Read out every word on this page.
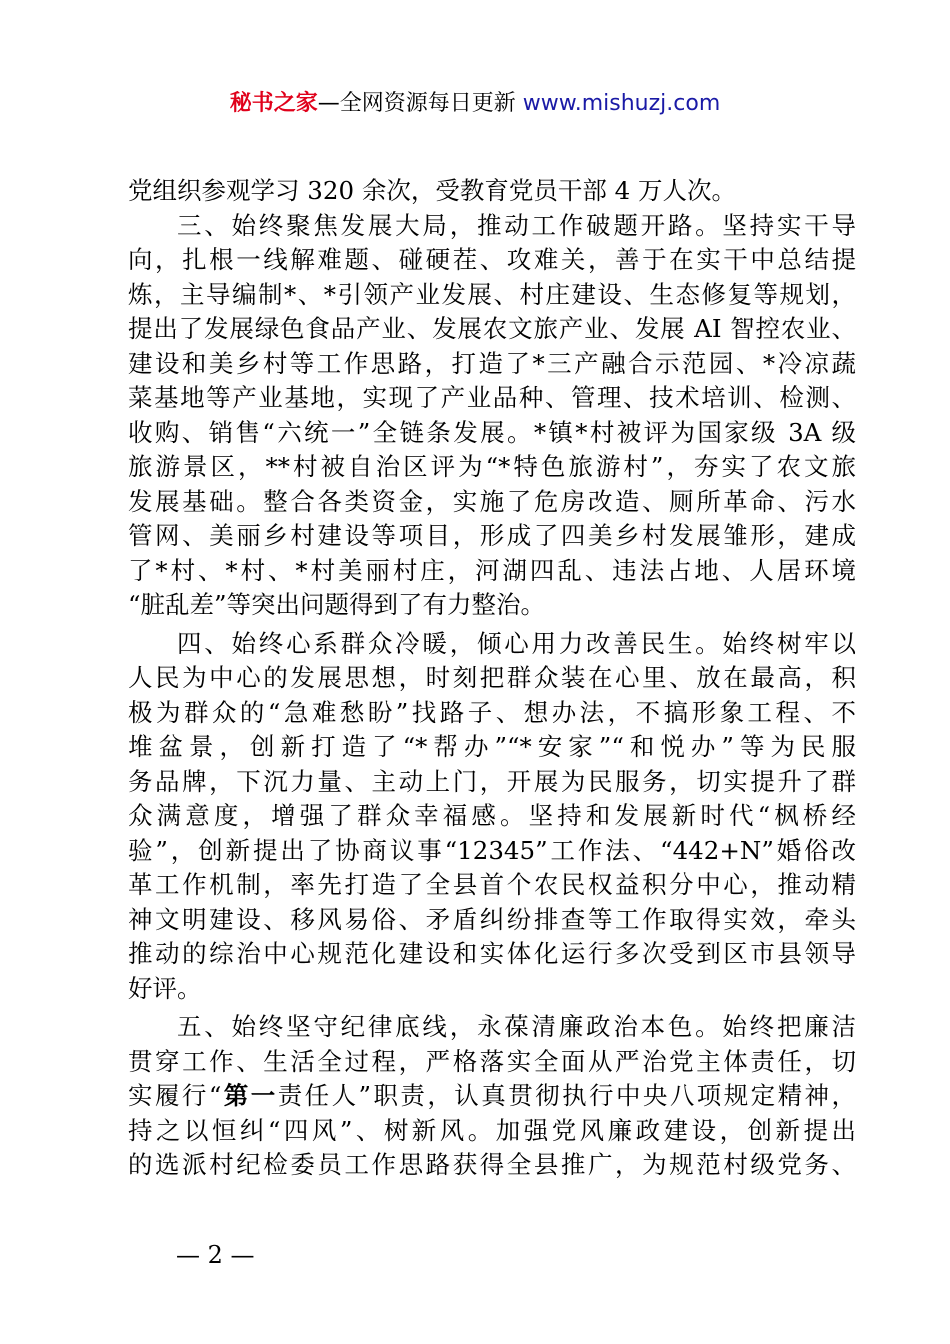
秘书之家—全网资源每日更新 www.mishuzj.com
党组织参观学习 320 余次，受教育党员干部 4 万人次。
三、始终聚焦发展大局，推动工作破题开路。坚持实干导
向，扎根一线解难题、碰硬茬、攻难关，善于在实干中总结提
炼，主导编制*、*引领产业发展、村庄建设、生态修复等规划，
提出了发展绿色食品产业、发展农文旅产业、发展 AI 智控农业、
建设和美乡村等工作思路，打造了*三产融合示范园、*冷凉蔬
菜基地等产业基地，实现了产业品种、管理、技术培训、检测、
收购、销售“六统一”全链条发展。*镇*村被评为国家级 3A 级
旅游景区，**村被自治区评为“*特色旅游村”，夯实了农文旅
发展基础。整合各类资金，实施了危房改造、厕所革命、污水
管网、美丽乡村建设等项目，形成了四美乡村发展雏形，建成
了*村、*村、*村美丽村庄，河湖四乱、违法占地、人居环境
“脏乱差”等突出问题得到了有力整治。
四、始终心系群众冷暖，倾心用力改善民生。始终树牢以
人民为中心的发展思想，时刻把群众装在心里、放在最高，积
极为群众的“急难愁盼”找路子、想办法，不搞形象工程、不
堆盆景，创新打造了“*帮办”“*安家”“和悦办”等为民服
务品牌，下沉力量、主动上门，开展为民服务，切实提升了群
众满意度，增强了群众幸福感。坚持和发展新时代“枫桥经
验”，创新提出了协商议事“12345”工作法、“442+N”婚俗改
革工作机制，率先打造了全县首个农民权益积分中心，推动精
神文明建设、移风易俗、矛盾纠纷排查等工作取得实效，牵头
推动的综治中心规范化建设和实体化运行多次受到区市县领导
好评。
五、始终坚守纪律底线，永葆清廉政治本色。始终把廉洁
贯穿工作、生活全过程，严格落实全面从严治党主体责任，切
实履行“第一责任人”职责，认真贯彻执行中央八项规定精神，
持之以恒纠“四风”、树新风。加强党风廉政建设，创新提出
的选派村纪检委员工作思路获得全县推广，为规范村级党务、
— 2 —
